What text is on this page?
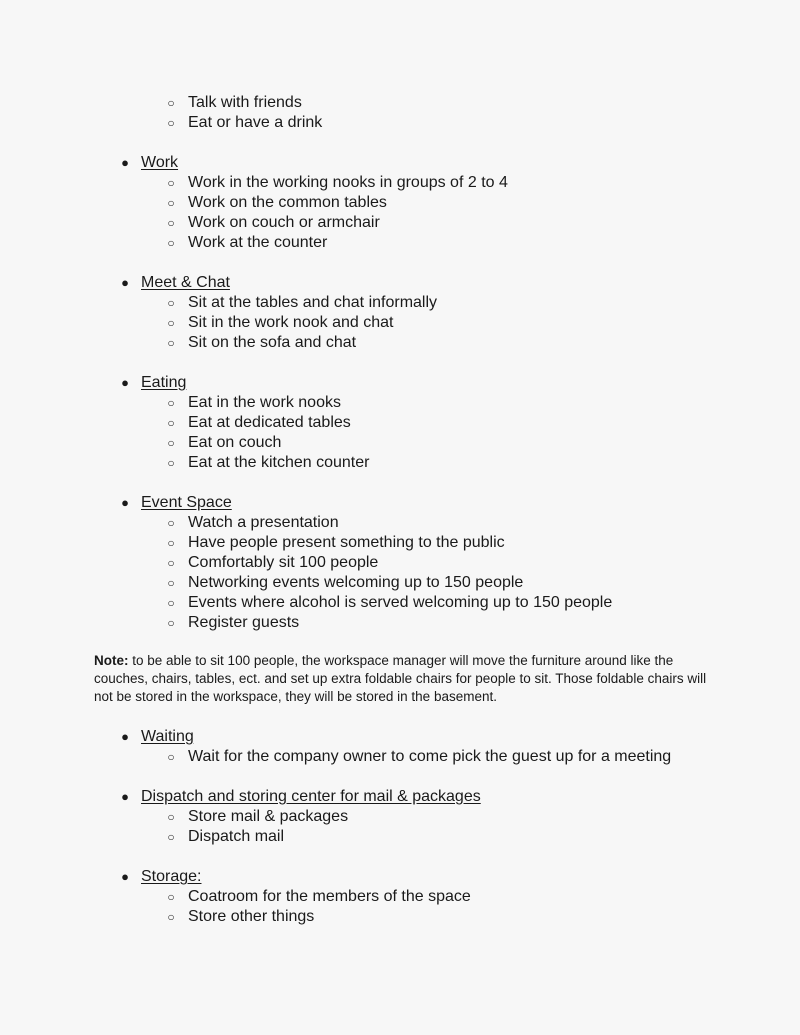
○ Talk with friends
○ Eat or have a drink
● Work
○ Work in the working nooks in groups of 2 to 4
○ Work on the common tables
○ Work on couch or armchair
○ Work at the counter
● Meet & Chat
○ Sit at the tables and chat informally
○ Sit in the work nook and chat
○ Sit on the sofa and chat
● Eating
○ Eat in the work nooks
○ Eat at dedicated tables
○ Eat on couch
○ Eat at the kitchen counter
● Event Space
○ Watch a presentation
○ Have people present something to the public
○ Comfortably sit 100 people
○ Networking events welcoming up to 150 people
○ Events where alcohol is served welcoming up to 150 people
○ Register guests
Note: to be able to sit 100 people, the workspace manager will move the furniture around like the couches, chairs, tables, ect. and set up extra foldable chairs for people to sit. Those foldable chairs will not be stored in the workspace, they will be stored in the basement.
● Waiting
○ Wait for the company owner to come pick the guest up for a meeting
● Dispatch and storing center for mail & packages
○ Store mail & packages
○ Dispatch mail
● Storage:
○ Coatroom for the members of the space
○ Store other things
